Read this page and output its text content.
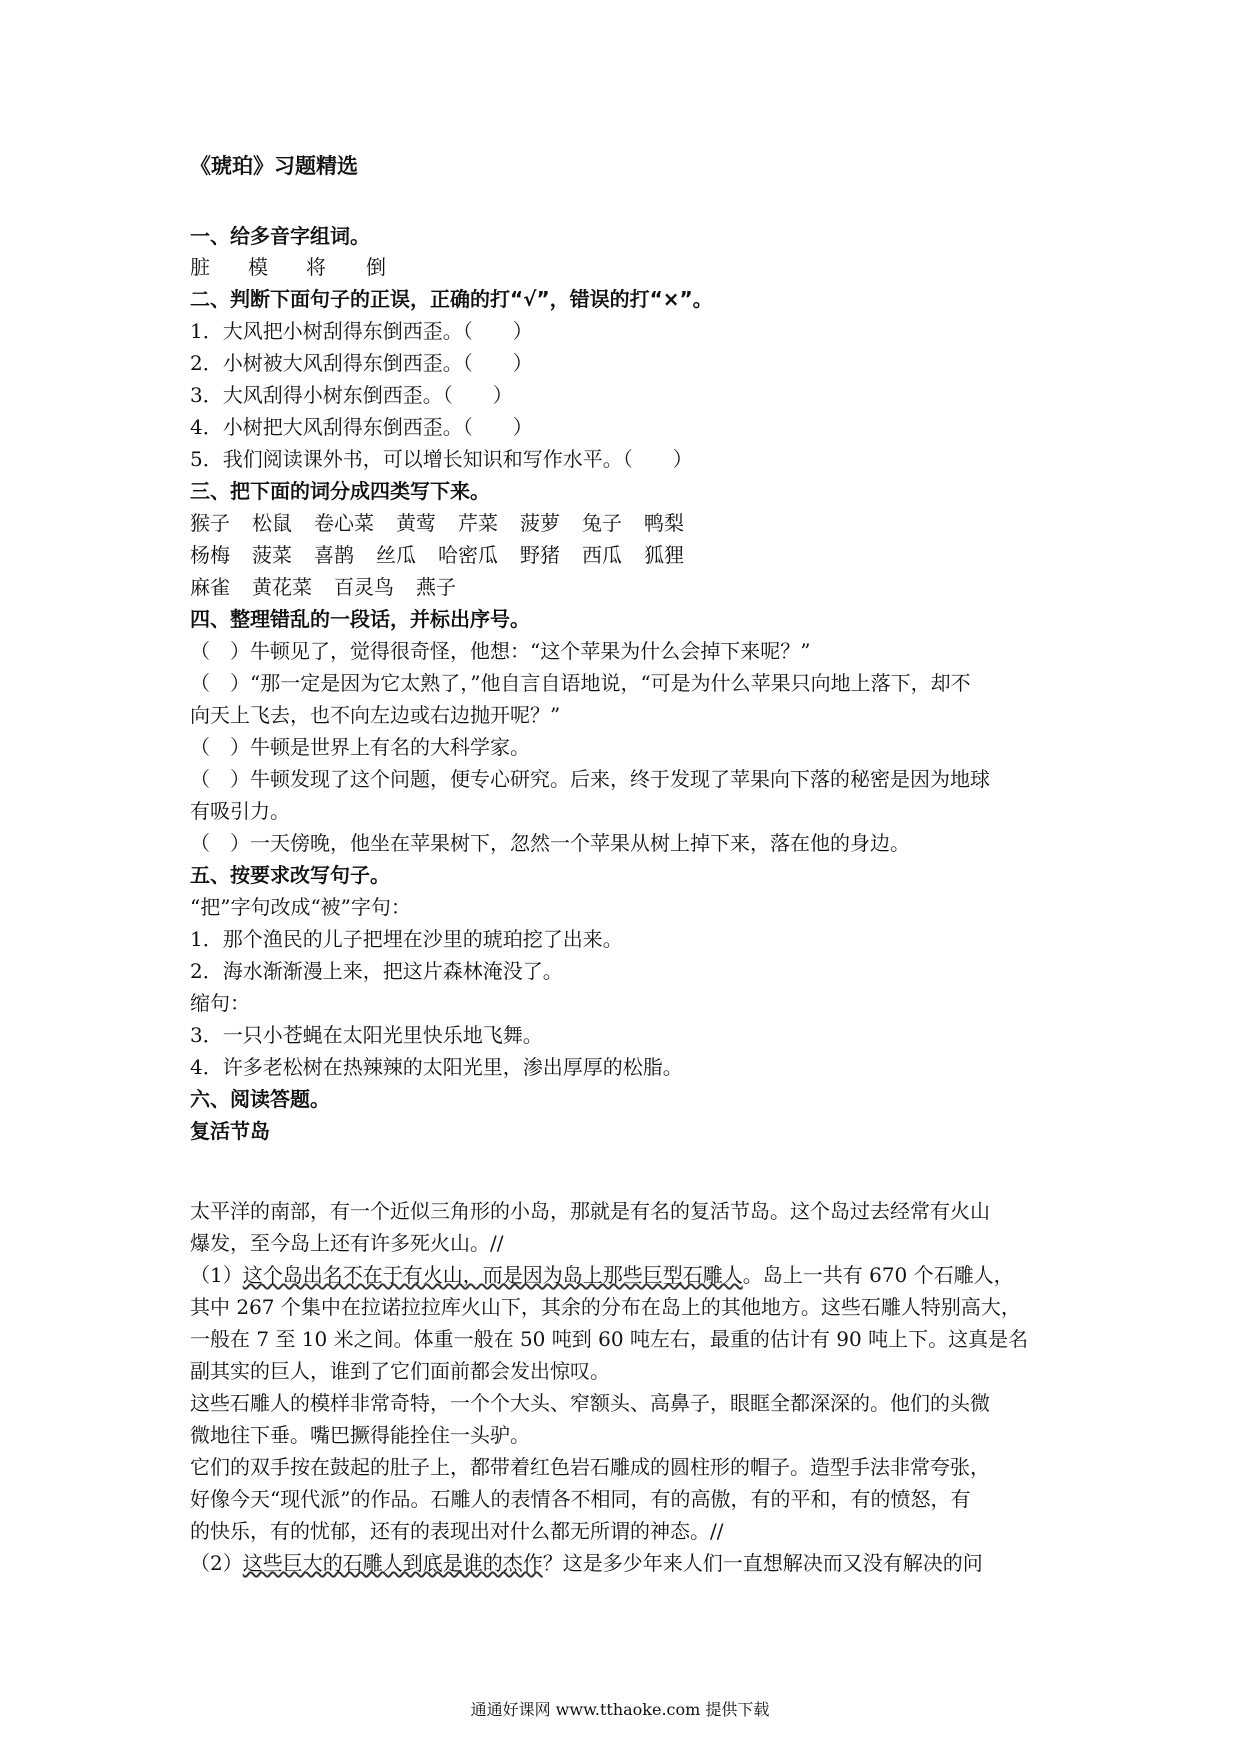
《琥珀》习题精选
一、给多音字组词。
脏 模 将 倒
二、判断下面句子的正误，正确的打“√”，错误的打“×”。
1．大风把小树刮得东倒西歪。（　　）
2．小树被大风刮得东倒西歪。（　　）
3．大风刮得小树东倒西歪。（　　）
4．小树把大风刮得东倒西歪。（　　）
5．我们阅读课外书，可以增长知识和写作水平。（　　）
三、把下面的词分成四类写下来。
猴子 松鼠 卷心菜 黄莺 芹菜 菠萝 兔子 鸭梨
杨梅 菠菜 喜鹊 丝瓜 哈密瓜 野猪 西瓜 狐狸
麻雀 黄花菜 百灵鸟 燕子
四、整理错乱的一段话，并标出序号。
（　）牛顿见了，觉得很奇怪，他想：“这个苹果为什么会掉下来呢？”
（　）“那一定是因为它太熟了，”他自言自语地说，“可是为什么苹果只向地上落下，却不
向天上飞去，也不向左边或右边抛开呢？”
（　）牛顿是世界上有名的大科学家。
（　）牛顿发现了这个问题，便专心研究。后来，终于发现了苹果向下落的秘密是因为地球
有吸引力。
（　）一天傍晚，他坐在苹果树下，忽然一个苹果从树上掉下来，落在他的身边。
五、按要求改写句子。
“把”字句改成“被”字句：
1．那个渔民的儿子把埋在沙里的琥珀挖了出来。
2．海水渐渐漫上来，把这片森林淹没了。
缩句：
3．一只小苍蝇在太阳光里快乐地飞舞。
4．许多老松树在热辣辣的太阳光里，渗出厚厚的松脂。
六、阅读答题。
复活节岛
太平洋的南部，有一个近似三角形的小岛，那就是有名的复活节岛。这个岛过去经常有火山
爆发，至今岛上还有许多死火山。//
（1）这个岛出名不在于有火山，而是因为岛上那些巨型石雕人。岛上一共有 670 个石雕人，
其中 267 个集中在拉诺拉拉库火山下，其余的分布在岛上的其他地方。这些石雕人特别高大，
一般在 7 至 10 米之间。体重一般在 50 吨到 60 吨左右，最重的估计有 90 吨上下。这真是名
副其实的巨人，谁到了它们面前都会发出惊叹。
这些石雕人的模样非常奇特，一个个大头、窄额头、高鼻子，眼眶全都深深的。他们的头微
微地往下垂。嘴巴撅得能拴住一头驴。
它们的双手按在鼓起的肚子上，都带着红色岩石雕成的圆柱形的帽子。造型手法非常夸张，
好像今天“现代派”的作品。石雕人的表情各不相同，有的高傲，有的平和，有的愤怒，有
的快乐，有的忧郁，还有的表现出对什么都无所谓的神态。//
（2）这些巨大的石雕人到底是谁的杰作？这是多少年来人们一直想解决而又没有解决的问
通通好课网 www.tthaoke.com 提供下载
